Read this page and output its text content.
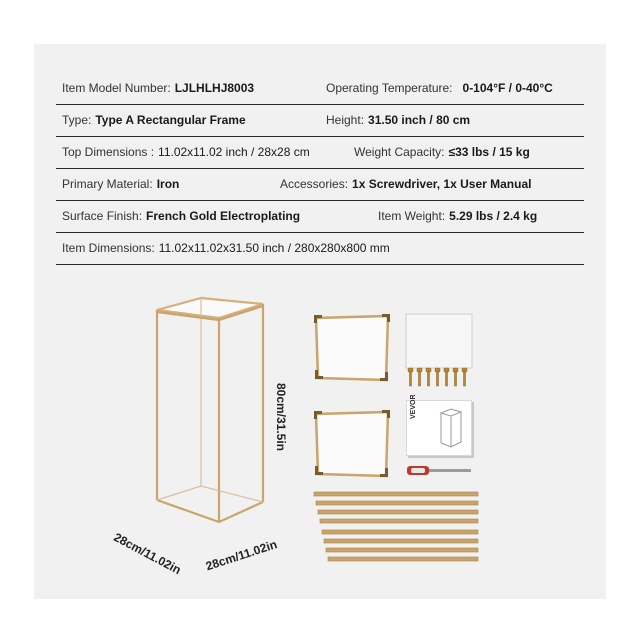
Item Model Number: LJLHLHJ8003	Operating Temperature: 0-104°F / 0-40°C
Type: Type A Rectangular Frame	Height: 31.50 inch / 80 cm
Top Dimensions : 11.02x11.02 inch / 28x28 cm	Weight Capacity: ≤33 lbs / 15 kg
Primary Material: Iron	Accessories: 1x Screwdriver, 1x User Manual
Surface Finish: French Gold Electroplating	Item Weight: 5.29 lbs / 2.4 kg
Item Dimensions: 11.02x11.02x31.50 inch / 280x280x800 mm
80cm/31.5in
28cm/11.02in 28cm/11.02in
VEVOR
